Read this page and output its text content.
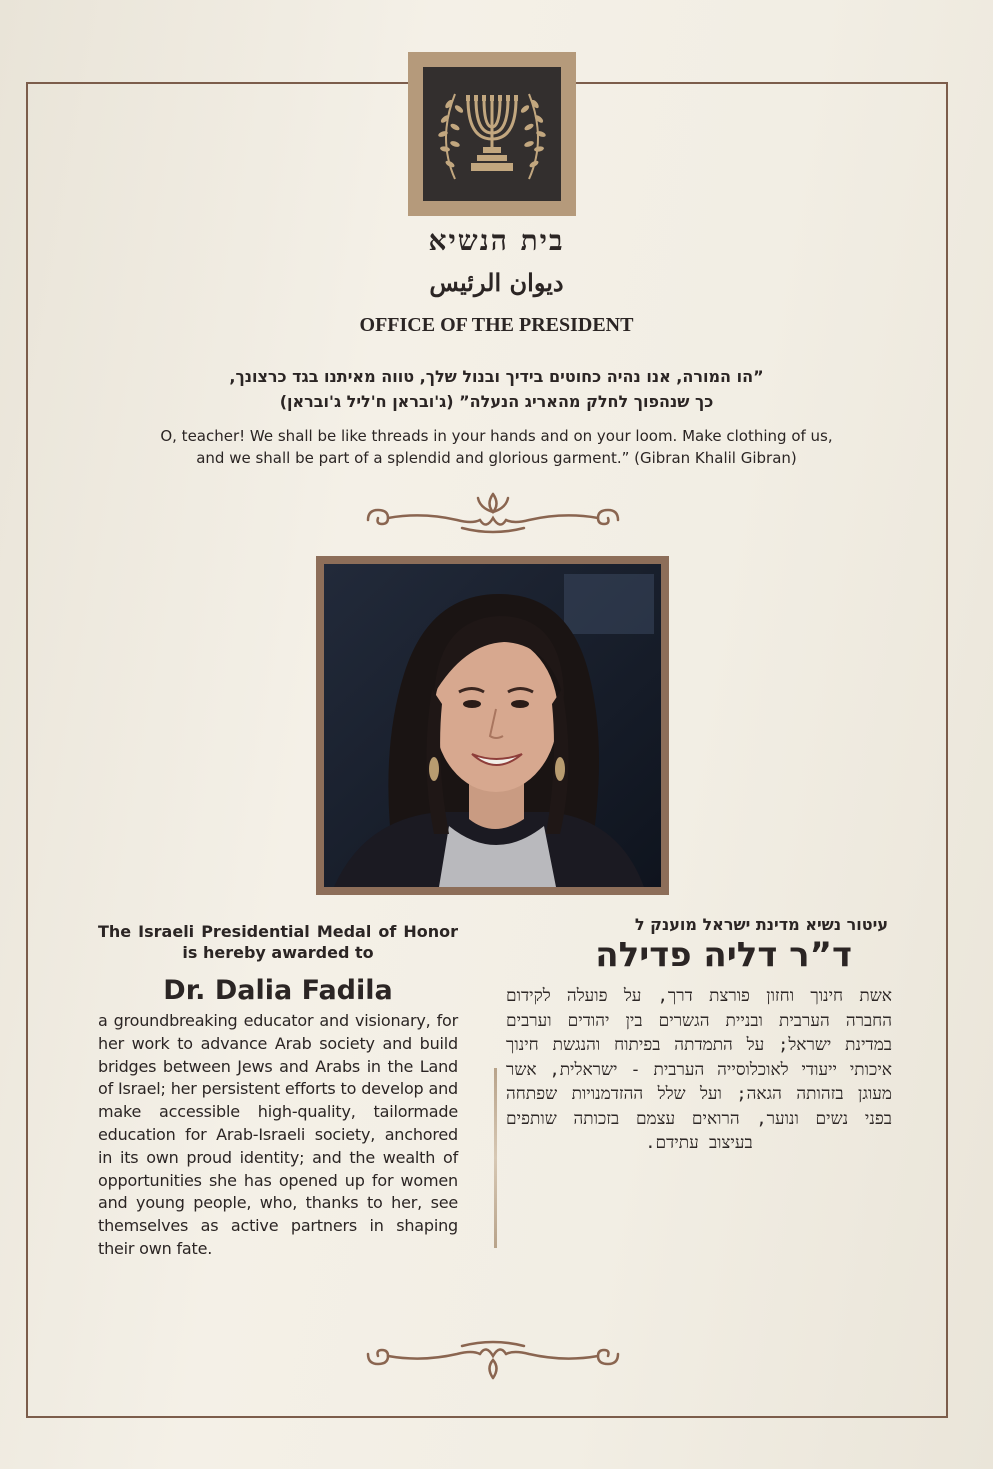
בית הנשיא
ديوان الرئيس
OFFICE OF THE PRESIDENT
”הו המורה, אנו נהיה כחוטים בידיך ובנול שלך, טווה מאיתנו בגד כרצונך,
כך שנהפוך לחלק מהאריג הנעלה” (ג'ובראן ח'ליל ג'ובראן)
O, teacher! We shall be like threads in your hands and on your loom. Make clothing of us,
and we shall be part of a splendid and glorious garment.” (Gibran Khalil Gibran)
The Israeli Presidential Medal of Honor is hereby awarded to
Dr. Dalia Fadila
a groundbreaking educator and visionary, for her work to advance Arab society and build bridges between Jews and Arabs in the Land of Israel; her persistent efforts to develop and make accessible high-quality, tailormade education for Arab-Israeli society, anchored in its own proud identity; and the wealth of opportunities she has opened up for women and young people, who, thanks to her, see themselves as active partners in shaping their own fate.
עיטור נשיא מדינת ישראל מוענק ל
ד”ר דליה פדילה
אשת חינוך וחזון פורצת דרך, על פועלה לקידום החברה הערבית ובניית הגשרים בין יהודים וערבים במדינת ישראל; על התמדתה בפיתוח והנגשת חינוך איכותי ייעודי לאוכלוסייה הערבית - ישראלית, אשר מעוגן בזהותה הגאה; ועל שלל ההזדמנויות שפתחה בפני נשים ונוער, הרואים עצמם בזכותה שותפים בעיצוב עתידם.
